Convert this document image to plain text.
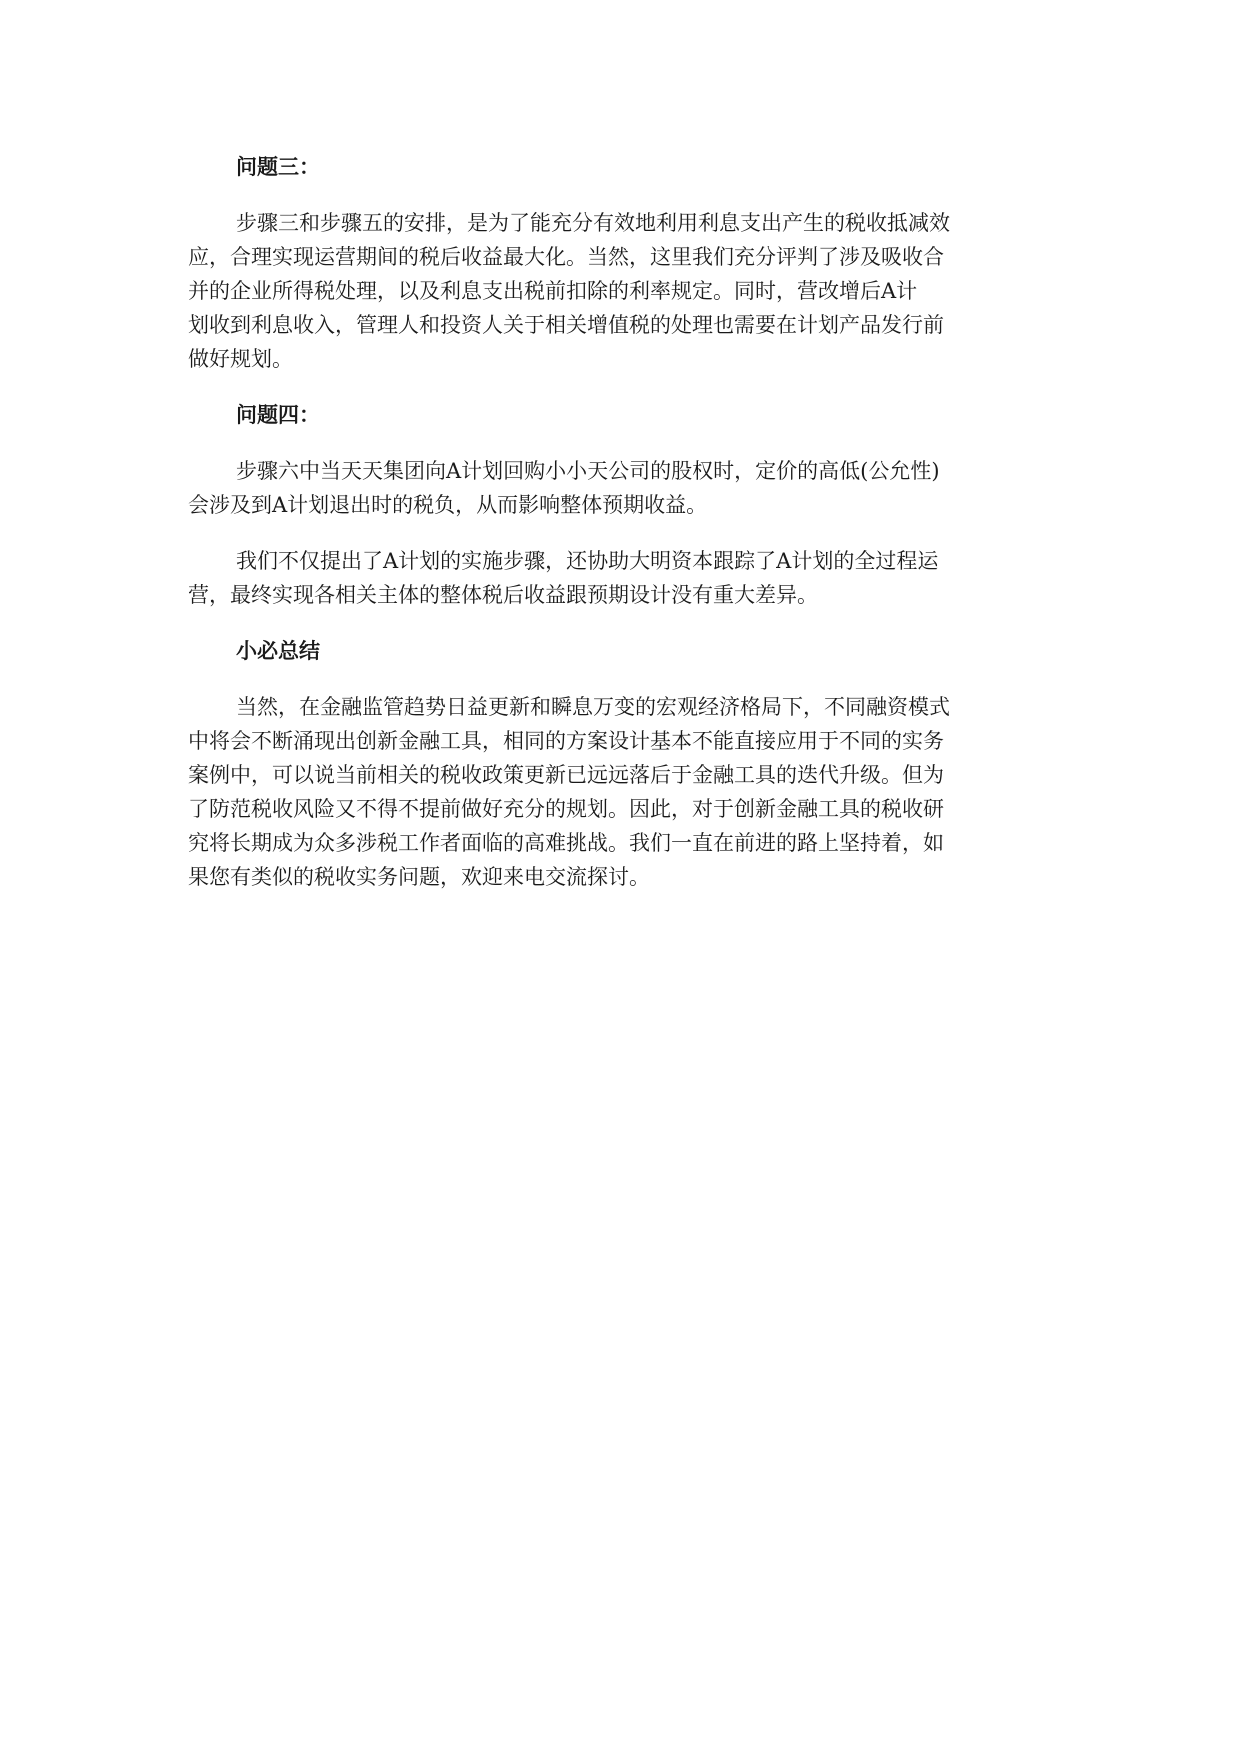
问题三：
步骤三和步骤五的安排，是为了能充分有效地利用利息支出产生的税收抵减效
应，合理实现运营期间的税后收益最大化。当然，这里我们充分评判了涉及吸收合
并的企业所得税处理，以及利息支出税前扣除的利率规定。同时，营改增后A计
划收到利息收入，管理人和投资人关于相关增值税的处理也需要在计划产品发行前
做好规划。
问题四：
步骤六中当天天集团向A计划回购小小天公司的股权时，定价的高低(公允性)
会涉及到A计划退出时的税负，从而影响整体预期收益。
我们不仅提出了A计划的实施步骤，还协助大明资本跟踪了A计划的全过程运
营，最终实现各相关主体的整体税后收益跟预期设计没有重大差异。
小必总结
当然，在金融监管趋势日益更新和瞬息万变的宏观经济格局下，不同融资模式
中将会不断涌现出创新金融工具，相同的方案设计基本不能直接应用于不同的实务
案例中，可以说当前相关的税收政策更新已远远落后于金融工具的迭代升级。但为
了防范税收风险又不得不提前做好充分的规划。因此，对于创新金融工具的税收研
究将长期成为众多涉税工作者面临的高难挑战。我们一直在前进的路上坚持着，如
果您有类似的税收实务问题，欢迎来电交流探讨。
